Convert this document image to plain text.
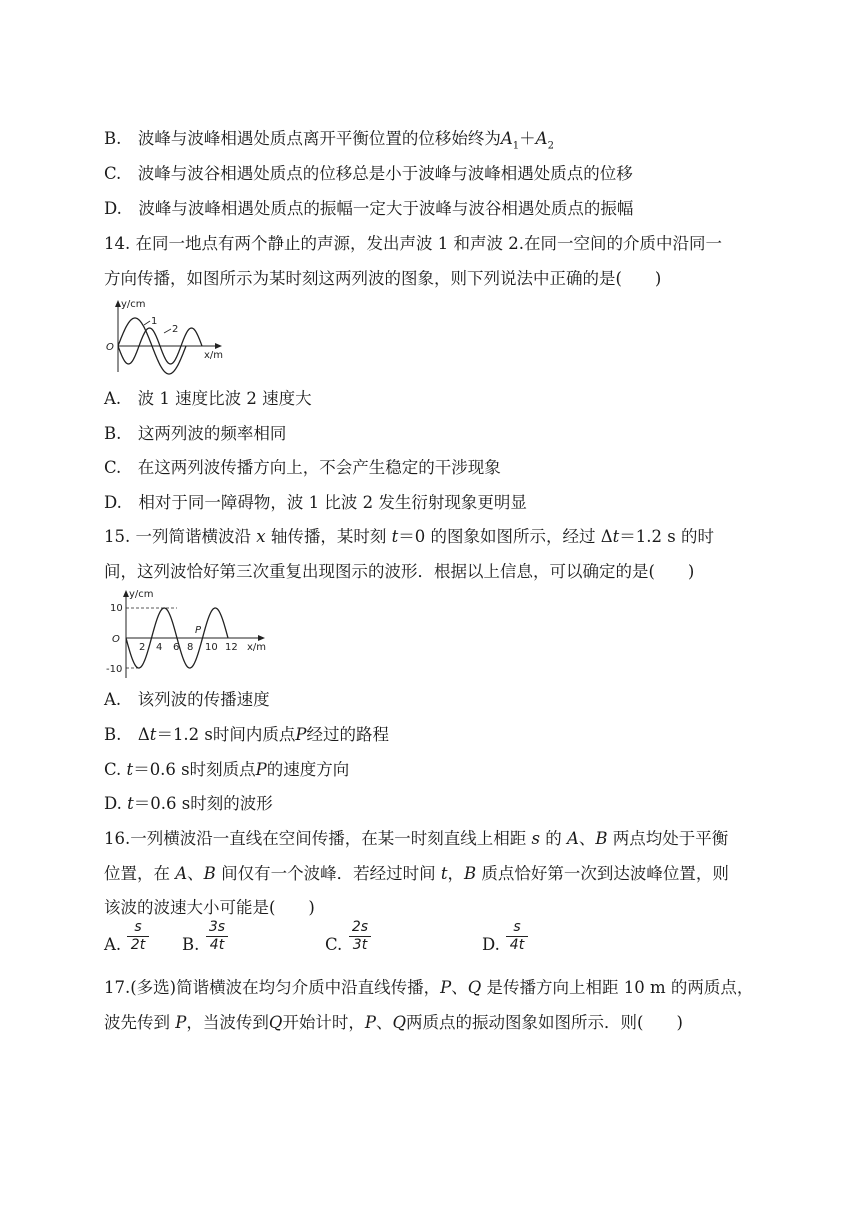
B.　波峰与波峰相遇处质点离开平衡位置的位移始终为$A_1+A_2$
C.　波峰与波谷相遇处质点的位移总是小于波峰与波峰相遇处质点的位移
D.　波峰与波峰相遇处质点的振幅一定大于波峰与波谷相遇处质点的振幅
14. 在同一地点有两个静止的声源，发出声波 1 和声波 2.在同一空间的介质中沿同一
方向传播，如图所示为某时刻这两列波的图象，则下列说法中正确的是(　　)
y/cm
x/m
O
1
2
A.　波 1 速度比波 2 速度大
B.　这两列波的频率相同
C.　在这两列波传播方向上，不会产生稳定的干涉现象
D.　相对于同一障碍物，波 1 比波 2 发生衍射现象更明显
15. 一列简谐横波沿 x 轴传播，某时刻 t＝0 的图象如图所示，经过 Δt＝1.2 s 的时
间，这列波恰好第三次重复出现图示的波形．根据以上信息，可以确定的是(　　)
y/cm
x/m
O
10
-10
2 4 6 8 10 12
P
A.　该列波的传播速度
B.　Δt＝1.2 s时间内质点P经过的路程
C. t＝0.6 s时刻质点P的速度方向
D. t＝0.6 s时刻的波形
16.一列横波沿一直线在空间传播，在某一时刻直线上相距 s 的 A、B 两点均处于平衡
位置，在 A、B 间仅有一个波峰．若经过时间 t，B 质点恰好第一次到达波峰位置，则
该波的波速大小可能是(　　)
A.
s
2t B.
3s
4t	C.
2s
3t	D.
s
4t
17.(多选)简谐横波在均匀介质中沿直线传播，P、Q 是传播方向上相距 10 m 的两质点，
波先传到 P，当波传到Q开始计时，P、Q两质点的振动图象如图所示．则(　　)
